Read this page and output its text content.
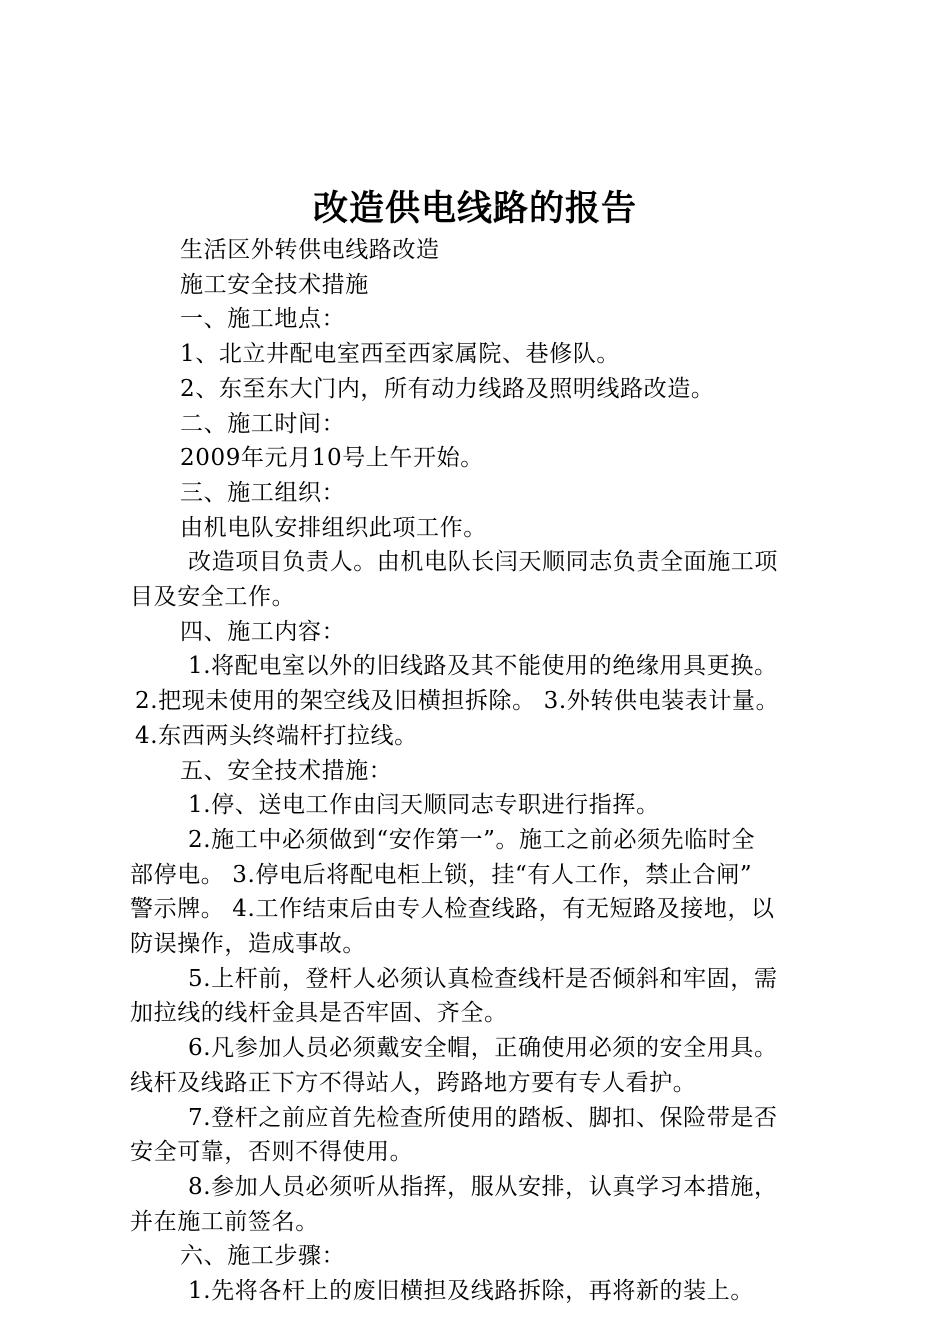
改造供电线路的报告
生活区外转供电线路改造
施工安全技术措施
一、施工地点：
1、北立井配电室西至西家属院、巷修队。
2、东至东大门内，所有动力线路及照明线路改造。
二、施工时间：
2009年元月10号上午开始。
三、施工组织：
由机电队安排组织此项工作。
改造项目负责人。由机电队长闫天顺同志负责全面施工项
目及安全工作。
四、施工内容：
1.将配电室以外的旧线路及其不能使用的绝缘用具更换。
2.把现未使用的架空线及旧横担拆除。 3.外转供电装表计量。
4.东西两头终端杆打拉线。
五、安全技术措施：
1.停、送电工作由闫天顺同志专职进行指挥。
2.施工中必须做到“安作第一”。施工之前必须先临时全
部停电。 3.停电后将配电柜上锁，挂“有人工作，禁止合闸”
警示牌。 4.工作结束后由专人检查线路，有无短路及接地，以
防误操作，造成事故。
5.上杆前，登杆人必须认真检查线杆是否倾斜和牢固，需
加拉线的线杆金具是否牢固、齐全。
6.凡参加人员必须戴安全帽，正确使用必须的安全用具。
线杆及线路正下方不得站人，跨路地方要有专人看护。
7.登杆之前应首先检查所使用的踏板、脚扣、保险带是否
安全可靠，否则不得使用。
8.参加人员必须听从指挥，服从安排，认真学习本措施，
并在施工前签名。
六、施工步骤：
1.先将各杆上的废旧横担及线路拆除，再将新的装上。
